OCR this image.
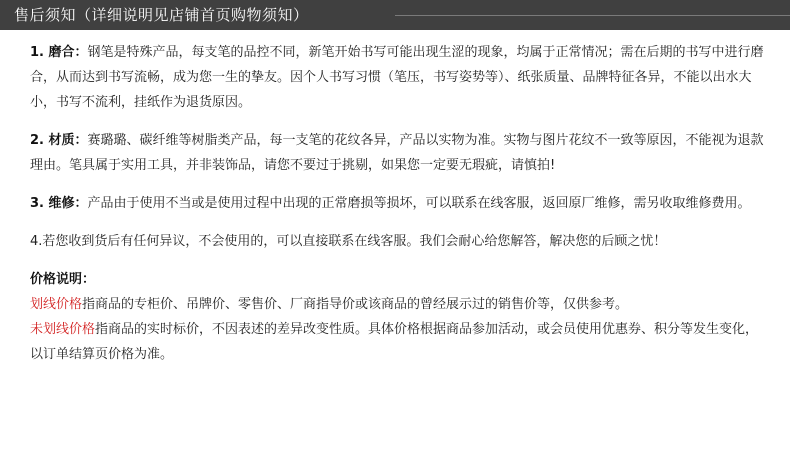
售后须知（详细说明见店铺首页购物须知）

1. 磨合：钢笔是特殊产品，每支笔的品控不同，新笔开始书写可能出现生涩的现象，均属于正常情况；需在后期的书写中进行磨合，从而达到书写流畅，成为您一生的挚友。因个人书写习惯（笔压，书写姿势等）、纸张质量、品牌特征各异，不能以出水大小，书写不流利，挂纸作为退货原因。

2. 材质：赛璐璐、碳纤维等树脂类产品，每一支笔的花纹各异，产品以实物为准。实物与图片花纹不一致等原因，不能视为退款理由。笔具属于实用工具，并非装饰品，请您不要过于挑剔，如果您一定要无瑕疵，请慎拍!

3. 维修：产品由于使用不当或是使用过程中出现的正常磨损等损坏，可以联系在线客服，返回原厂维修，需另收取维修费用。

4.若您收到货后有任何异议，不会使用的，可以直接联系在线客服。我们会耐心给您解答，解决您的后顾之忧！

价格说明：

划线价格指商品的专柜价、吊牌价、零售价、厂商指导价或该商品的曾经展示过的销售价等，仅供参考。

未划线价格指商品的实时标价，不因表述的差异改变性质。具体价格根据商品参加活动，或会员使用优惠券、积分等发生变化，以订单结算页价格为准。
